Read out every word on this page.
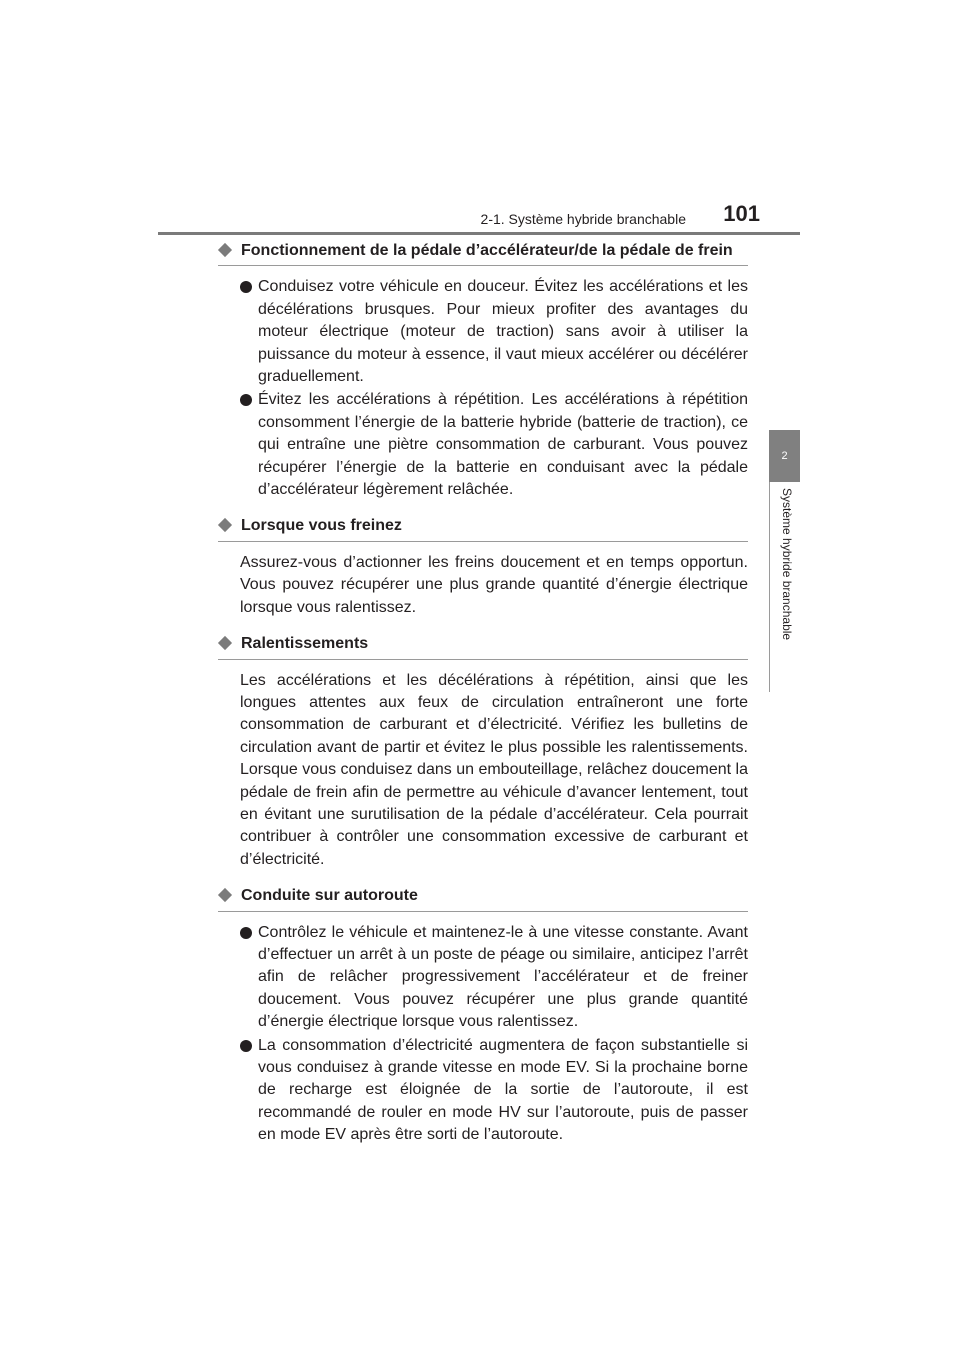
2-1. Système hybride branchable 101
2
Système hybride branchable
Fonctionnement de la pédale d’accélérateur/de la pédale de frein
Conduisez votre véhicule en douceur. Évitez les accélérations et les décélérations brusques. Pour mieux profiter des avantages du moteur électrique (moteur de traction) sans avoir à utiliser la puissance du moteur à essence, il vaut mieux accélérer ou décélérer graduellement.
Évitez les accélérations à répétition. Les accélérations à répétition consomment l’énergie de la batterie hybride (batterie de traction), ce qui entraîne une piètre consommation de carburant. Vous pouvez récupérer l’énergie de la batterie en conduisant avec la pédale d’accélérateur légèrement relâchée.
Lorsque vous freinez
Assurez-vous d’actionner les freins doucement et en temps opportun. Vous pouvez récupérer une plus grande quantité d’énergie électrique lorsque vous ralentissez.
Ralentissements
Les accélérations et les décélérations à répétition, ainsi que les longues attentes aux feux de circulation entraîneront une forte consommation de carburant et d’électricité. Vérifiez les bulletins de circulation avant de partir et évitez le plus possible les ralentissements. Lorsque vous conduisez dans un embouteillage, relâchez doucement la pédale de frein afin de permettre au véhicule d’avancer lentement, tout en évitant une surutilisation de la pédale d’accélérateur. Cela pourrait contribuer à contrôler une consommation excessive de carburant et d’électricité.
Conduite sur autoroute
Contrôlez le véhicule et maintenez-le à une vitesse constante. Avant d’effectuer un arrêt à un poste de péage ou similaire, anticipez l’arrêt afin de relâcher progressivement l’accélérateur et de freiner doucement. Vous pouvez récupérer une plus grande quantité d’énergie électrique lorsque vous ralentissez.
La consommation d’électricité augmentera de façon substantielle si vous conduisez à grande vitesse en mode EV. Si la prochaine borne de recharge est éloignée de la sortie de l’autoroute, il est recommandé de rouler en mode HV sur l’autoroute, puis de passer en mode EV après être sorti de l’autoroute.
